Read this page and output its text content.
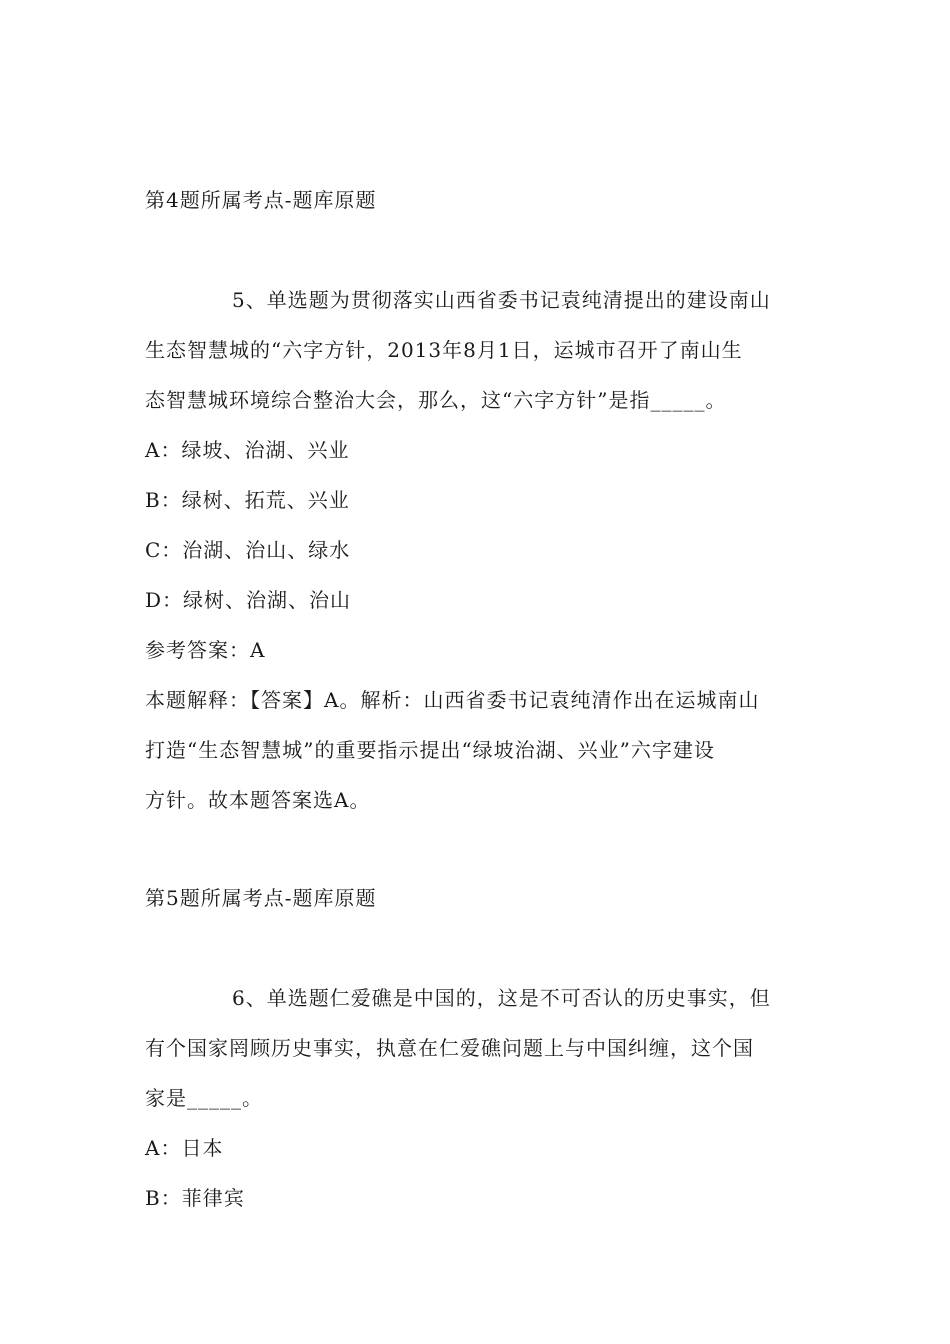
第4题所属考点-题库原题
5、单选题为贯彻落实山西省委书记袁纯清提出的建设南山
生态智慧城的“六字方针，2013年8月1日，运城市召开了南山生
态智慧城环境综合整治大会，那么，这“六字方针”是指_____。
A：绿坡、治湖、兴业
B：绿树、拓荒、兴业
C：治湖、治山、绿水
D：绿树、治湖、治山
参考答案：A
本题解释：【答案】A。解析：山西省委书记袁纯清作出在运城南山
打造“生态智慧城”的重要指示提出“绿坡治湖、兴业”六字建设
方针。故本题答案选A。
第5题所属考点-题库原题
6、单选题仁爱礁是中国的，这是不可否认的历史事实，但
有个国家罔顾历史事实，执意在仁爱礁问题上与中国纠缠，这个国
家是_____。
A：日本
B：菲律宾
